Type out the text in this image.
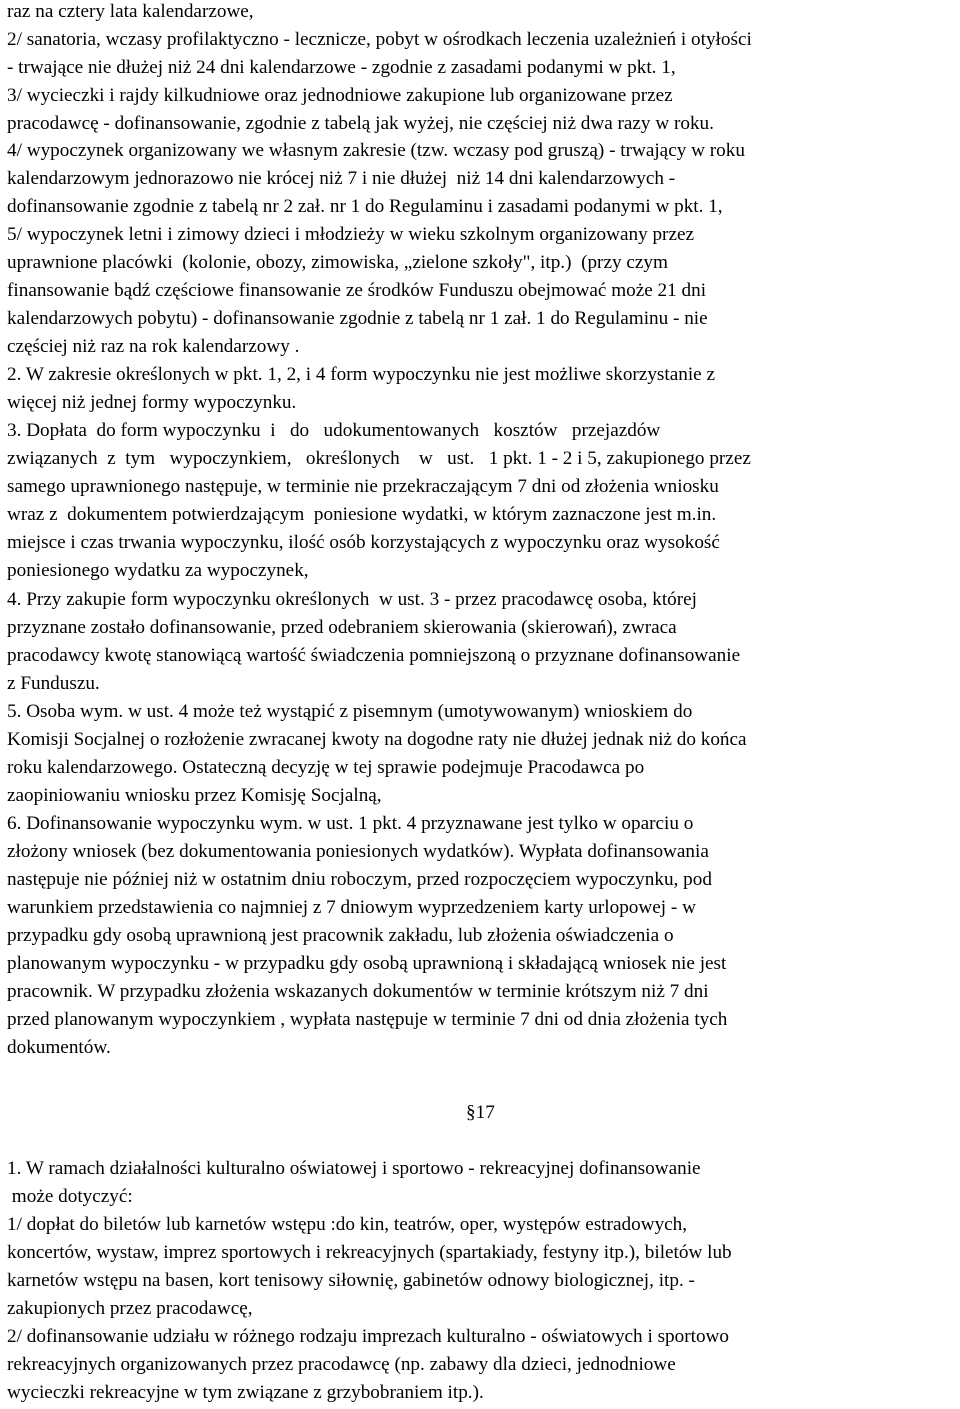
raz na cztery lata kalendarzowe,

2/ sanatoria, wczasy profilaktyczno - lecznicze, pobyt w ośrodkach leczenia uzależnień i otyłości

- trwające nie dłużej niż 24 dni kalendarzowe - zgodnie z zasadami podanymi w pkt. 1,

3/ wycieczki i rajdy kilkudniowe oraz jednodniowe zakupione lub organizowane przez

pracodawcę - dofinansowanie, zgodnie z tabelą jak wyżej, nie częściej niż dwa razy w roku.

4/ wypoczynek organizowany we własnym zakresie (tzw. wczasy pod gruszą) - trwający w roku

kalendarzowym jednorazowo nie krócej niż 7 i nie dłużej  niż 14 dni kalendarzowych -

dofinansowanie zgodnie z tabelą nr 2 zał. nr 1 do Regulaminu i zasadami podanymi w pkt. 1,

5/ wypoczynek letni i zimowy dzieci i młodzieży w wieku szkolnym organizowany przez

uprawnione placówki  (kolonie, obozy, zimowiska, „zielone szkoły", itp.)  (przy czym

finansowanie bądź częściowe finansowanie ze środków Funduszu obejmować może 21 dni

kalendarzowych pobytu) - dofinansowanie zgodnie z tabelą nr 1 zał. 1 do Regulaminu - nie

częściej niż raz na rok kalendarzowy .

2. W zakresie określonych w pkt. 1, 2, i 4 form wypoczynku nie jest możliwe skorzystanie z

więcej niż jednej formy wypoczynku.

3. Dopłata  do form wypoczynku  i   do   udokumentowanych   kosztów   przejazdów

związanych  z  tym   wypoczynkiem,   określonych    w   ust.   1 pkt. 1 - 2 i 5, zakupionego przez

samego uprawnionego następuje, w terminie nie przekraczającym 7 dni od złożenia wniosku

wraz z  dokumentem potwierdzającym  poniesione wydatki, w którym zaznaczone jest m.in.

miejsce i czas trwania wypoczynku, ilość osób korzystających z wypoczynku oraz wysokość

poniesionego wydatku za wypoczynek,

4. Przy zakupie form wypoczynku określonych  w ust. 3 - przez pracodawcę osoba, której

przyznane zostało dofinansowanie, przed odebraniem skierowania (skierowań), zwraca

pracodawcy kwotę stanowiącą wartość świadczenia pomniejszoną o przyznane dofinansowanie

z Funduszu.

5. Osoba wym. w ust. 4 może też wystąpić z pisemnym (umotywowanym) wnioskiem do

Komisji Socjalnej o rozłożenie zwracanej kwoty na dogodne raty nie dłużej jednak niż do końca

roku kalendarzowego. Ostateczną decyzję w tej sprawie podejmuje Pracodawca po

zaopiniowaniu wniosku przez Komisję Socjalną,

6. Dofinansowanie wypoczynku wym. w ust. 1 pkt. 4 przyznawane jest tylko w oparciu o

złożony wniosek (bez dokumentowania poniesionych wydatków). Wypłata dofinansowania

następuje nie później niż w ostatnim dniu roboczym, przed rozpoczęciem wypoczynku, pod

warunkiem przedstawienia co najmniej z 7 dniowym wyprzedzeniem karty urlopowej - w

przypadku gdy osobą uprawnioną jest pracownik zakładu, lub złożenia oświadczenia o

planowanym wypoczynku - w przypadku gdy osobą uprawnioną i składającą wniosek nie jest

pracownik. W przypadku złożenia wskazanych dokumentów w terminie krótszym niż 7 dni

przed planowanym wypoczynkiem , wypłata następuje w terminie 7 dni od dnia złożenia tych

dokumentów.

§17

1. W ramach działalności kulturalno oświatowej i sportowo - rekreacyjnej dofinansowanie

może dotyczyć:

1/ dopłat do biletów lub karnetów wstępu :do kin, teatrów, oper, występów estradowych,

koncertów, wystaw, imprez sportowych i rekreacyjnych (spartakiady, festyny itp.), biletów lub

karnetów wstępu na basen, kort tenisowy siłownię, gabinetów odnowy biologicznej, itp. -

zakupionych przez pracodawcę,

2/ dofinansowanie udziału w różnego rodzaju imprezach kulturalno - oświatowych i sportowo

rekreacyjnych organizowanych przez pracodawcę (np. zabawy dla dzieci, jednodniowe

wycieczki rekreacyjne w tym związane z grzybobraniem itp.).
